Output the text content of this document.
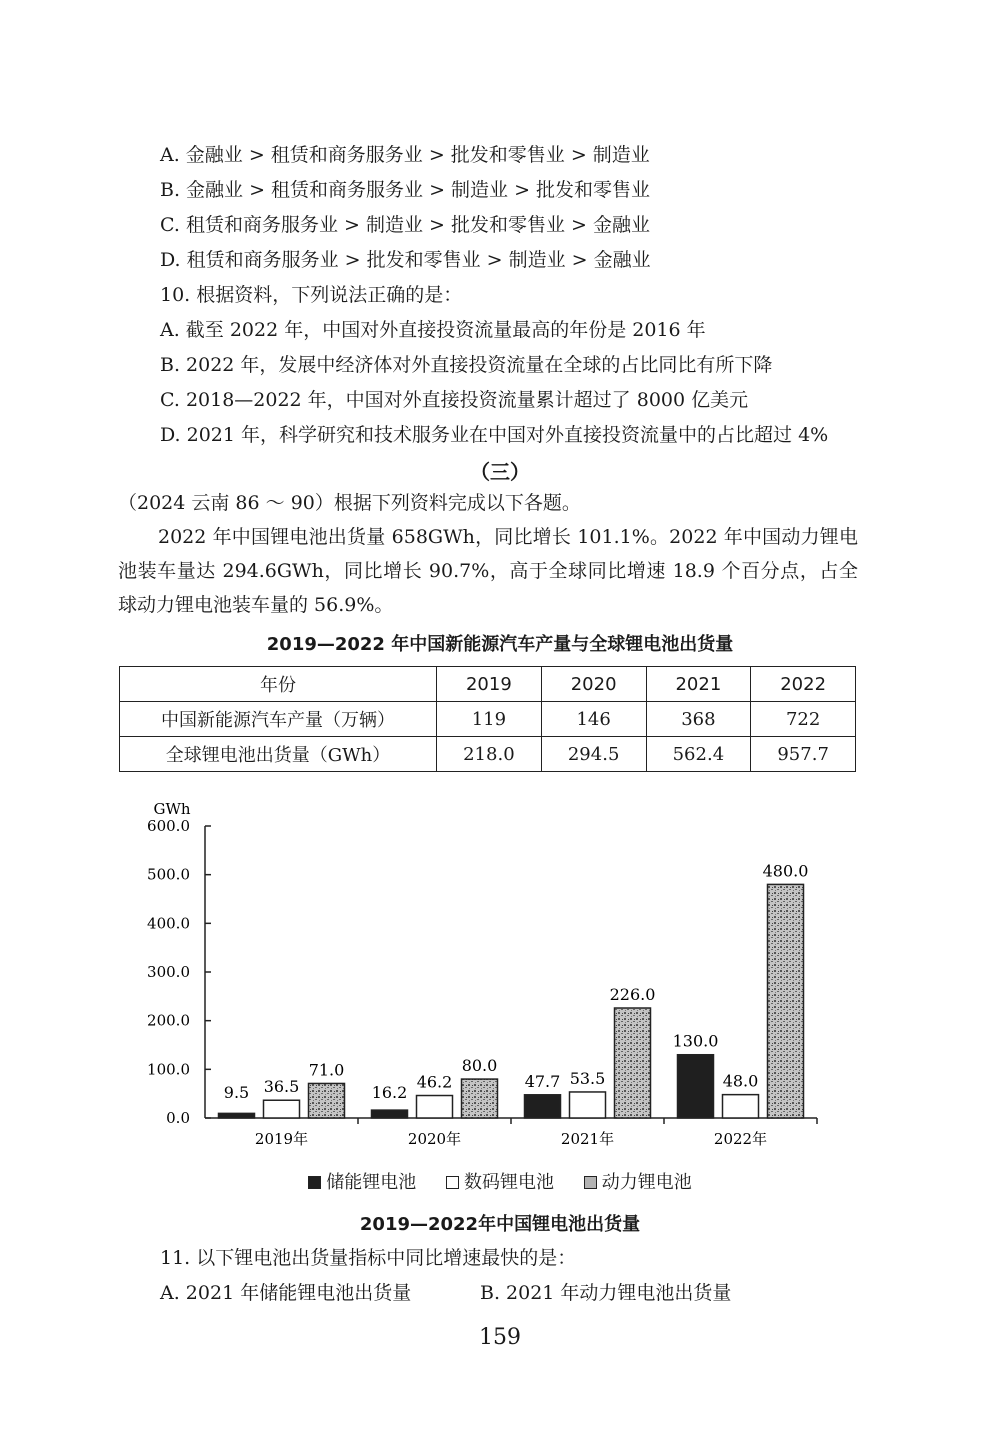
A. 金融业 > 租赁和商务服务业 > 批发和零售业 > 制造业
B. 金融业 > 租赁和商务服务业 > 制造业 > 批发和零售业
C. 租赁和商务服务业 > 制造业 > 批发和零售业 > 金融业
D. 租赁和商务服务业 > 批发和零售业 > 制造业 > 金融业
10. 根据资料，下列说法正确的是：
A. 截至 2022 年，中国对外直接投资流量最高的年份是 2016 年
B. 2022 年，发展中经济体对外直接投资流量在全球的占比同比有所下降
C. 2018—2022 年，中国对外直接投资流量累计超过了 8000 亿美元
D. 2021 年，科学研究和技术服务业在中国对外直接投资流量中的占比超过 4%
（三）
（2024 云南 86 ～ 90）根据下列资料完成以下各题。
2022 年中国锂电池出货量 658GWh，同比增长 101.1%。2022 年中国动力锂电池装车量达 294.6GWh，同比增长 90.7%，高于全球同比增速 18.9 个百分点，占全球动力锂电池装车量的 56.9%。
2019—2022 年中国新能源汽车产量与全球锂电池出货量
年份	2019	2020	2021	2022
中国新能源汽车产量（万辆）	119	146	368	722
全球锂电池出货量（GWh）	218.0	294.5	562.4	957.7
GWh
0.0
100.0
200.0
300.0
400.0
500.0
600.0
2019年
9.5 36.5
71.0
2020年
16.2
46.2
80.0
2021年
47.7 53.5
226.0
2022年
130.0
48.0
480.0
储能锂电池	数码锂电池	动力锂电池
2019—2022年中国锂电池出货量
11. 以下锂电池出货量指标中同比增速最快的是：
A. 2021 年储能锂电池出货量	B. 2021 年动力锂电池出货量
159
